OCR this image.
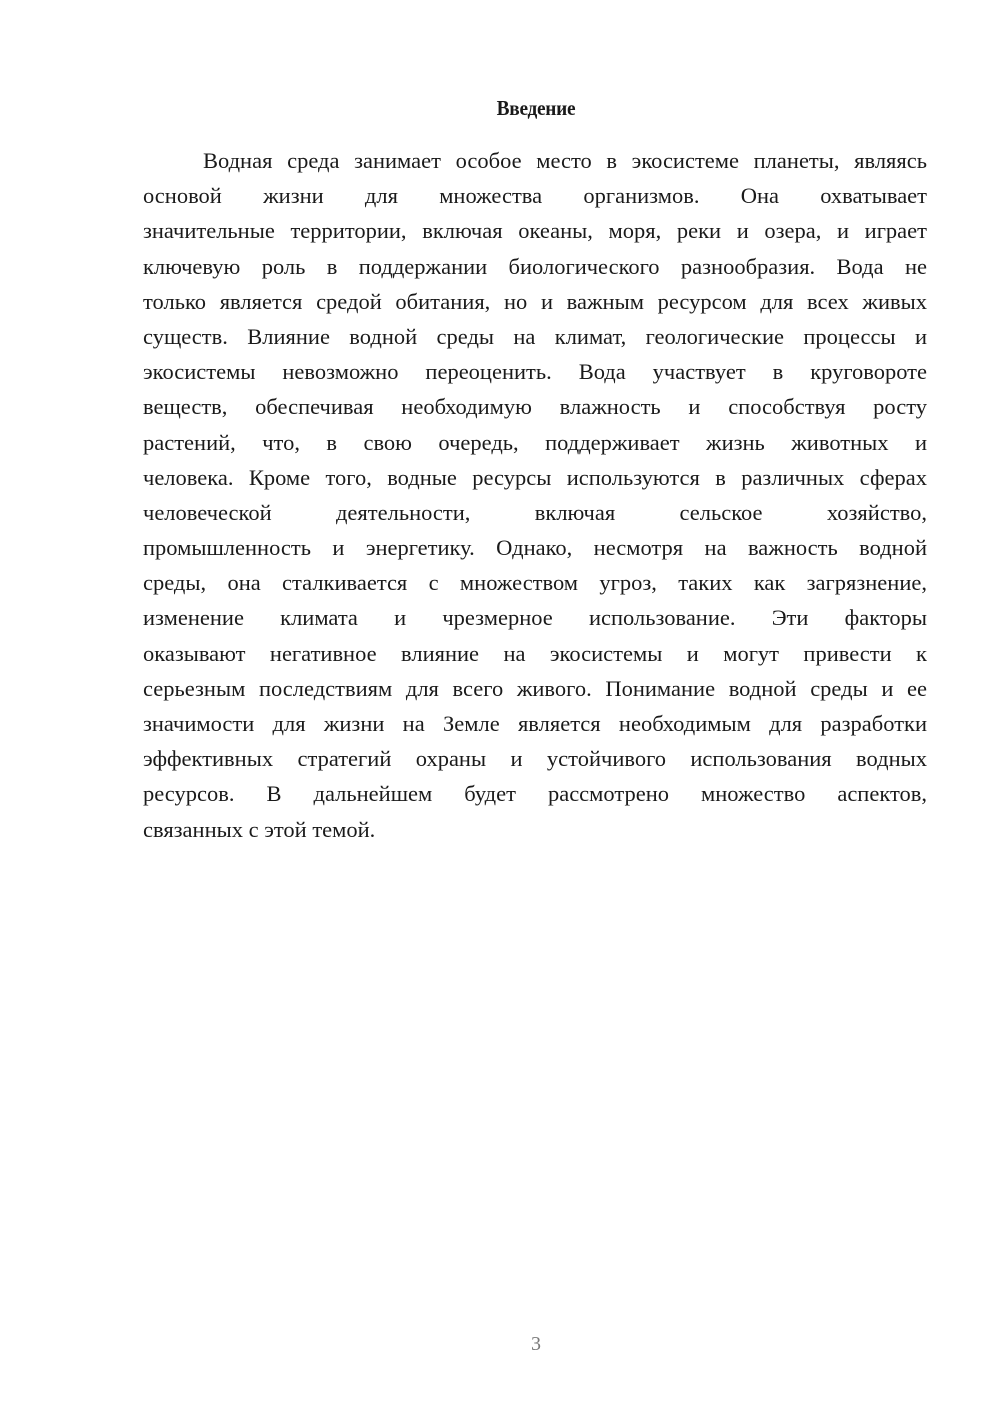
Введение
Водная среда занимает особое место в экосистеме планеты, являясь
основой жизни для множества организмов. Она охватывает
значительные территории, включая океаны, моря, реки и озера, и играет
ключевую роль в поддержании биологического разнообразия. Вода не
только является средой обитания, но и важным ресурсом для всех живых
существ. Влияние водной среды на климат, геологические процессы и
экосистемы невозможно переоценить. Вода участвует в круговороте
веществ, обеспечивая необходимую влажность и способствуя росту
растений, что, в свою очередь, поддерживает жизнь животных и
человека. Кроме того, водные ресурсы используются в различных сферах
человеческой деятельности, включая сельское хозяйство,
промышленность и энергетику. Однако, несмотря на важность водной
среды, она сталкивается с множеством угроз, таких как загрязнение,
изменение климата и чрезмерное использование. Эти факторы
оказывают негативное влияние на экосистемы и могут привести к
серьезным последствиям для всего живого. Понимание водной среды и ее
значимости для жизни на Земле является необходимым для разработки
эффективных стратегий охраны и устойчивого использования водных
ресурсов. В дальнейшем будет рассмотрено множество аспектов,
связанных с этой темой.
3
